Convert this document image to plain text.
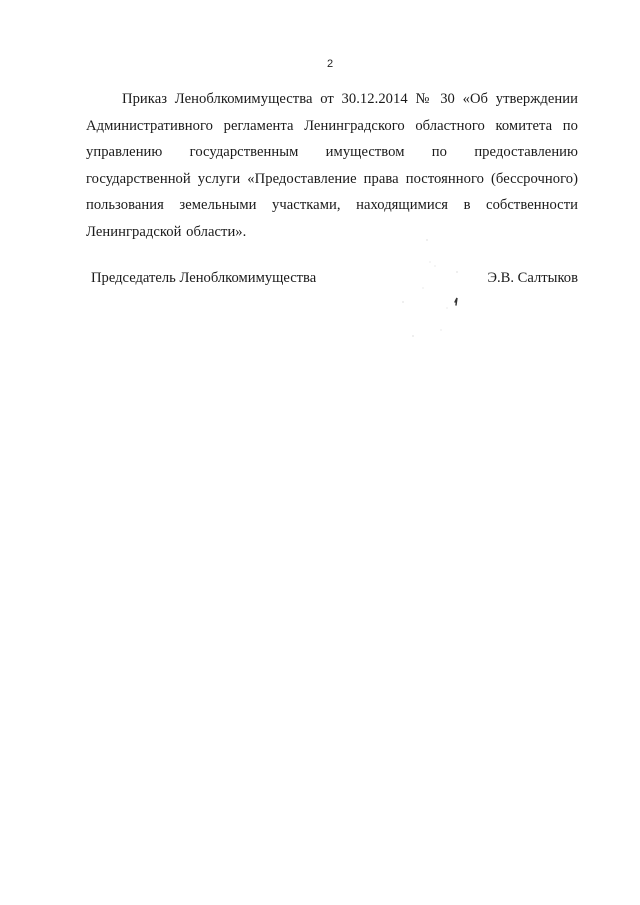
2

Приказ Леноблкомимущества от 30.12.2014 № 30 «Об утверждении Административного регламента Ленинградского областного комитета по управлению государственным имуществом по предоставлению государственной услуги «Предоставление права постоянного (бессрочного) пользования земельными участками, находящимися в собственности Ленинградской области».

Председатель Леноблкомимущества	Э.В. Салтыков
